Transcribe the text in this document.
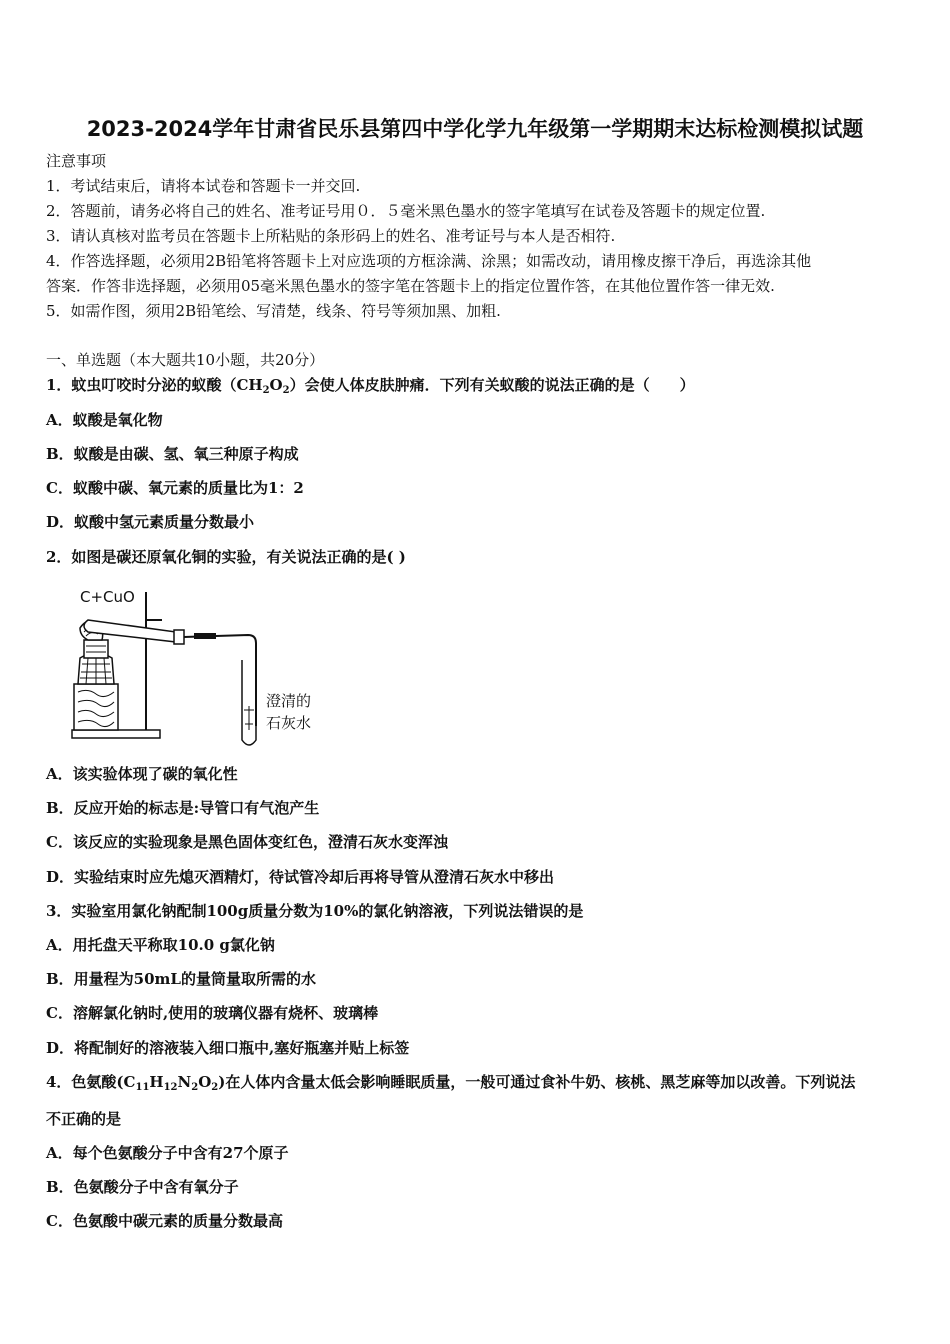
2023-2024学年甘肃省民乐县第四中学化学九年级第一学期期末达标检测模拟试题
注意事项
1．考试结束后，请将本试卷和答题卡一并交回.
2．答题前，请务必将自己的姓名、准考证号用０．５毫米黑色墨水的签字笔填写在试卷及答题卡的规定位置.
3．请认真核对监考员在答题卡上所粘贴的条形码上的姓名、准考证号与本人是否相符.
4．作答选择题，必须用2B铅笔将答题卡上对应选项的方框涂满、涂黑；如需改动，请用橡皮擦干净后，再选涂其他
答案．作答非选择题，必须用05毫米黑色墨水的签字笔在答题卡上的指定位置作答，在其他位置作答一律无效.
5．如需作图，须用2B铅笔绘、写清楚，线条、符号等须加黑、加粗.
一、单选题（本大题共10小题，共20分）
1．蚊虫叮咬时分泌的蚁酸$(CH_2O_2)$会使人体皮肤肿痛．下列有关蚁酸的说法正确的是（　　）
A．蚁酸是氧化物
B．蚁酸是由碳、氢、氧三种原子构成
C．蚁酸中碳、氧元素的质量比为1：2
D．蚁酸中氢元素质量分数最小
2．如图是碳还原氧化铜的实验，有关说法正确的是( )
C+CuO
澄清的
石灰水
A．该实验体现了碳的氧化性
B．反应开始的标志是:导管口有气泡产生
C．该反应的实验现象是黑色固体变红色，澄清石灰水变浑浊
D．实验结束时应先熄灭酒精灯，待试管冷却后再将导管从澄清石灰水中移出
3．实验室用氯化钠配制100g质量分数为10%的氯化钠溶液，下列说法错误的是
A．用托盘天平称取10.0 g氯化钠
B．用量程为50mL的量筒量取所需的水
C．溶解氯化钠时,使用的玻璃仪器有烧杯、玻璃棒
D．将配制好的溶液装入细口瓶中,塞好瓶塞并贴上标签
4．色氨酸$(C_{11}H_{12}N_2O_2)$在人体内含量太低会影响睡眠质量，一般可通过食补牛奶、核桃、黑芝麻等加以改善。下列说法
不正确的是
A．每个色氨酸分子中含有27个原子
B．色氨酸分子中含有氧分子
C．色氨酸中碳元素的质量分数最高
